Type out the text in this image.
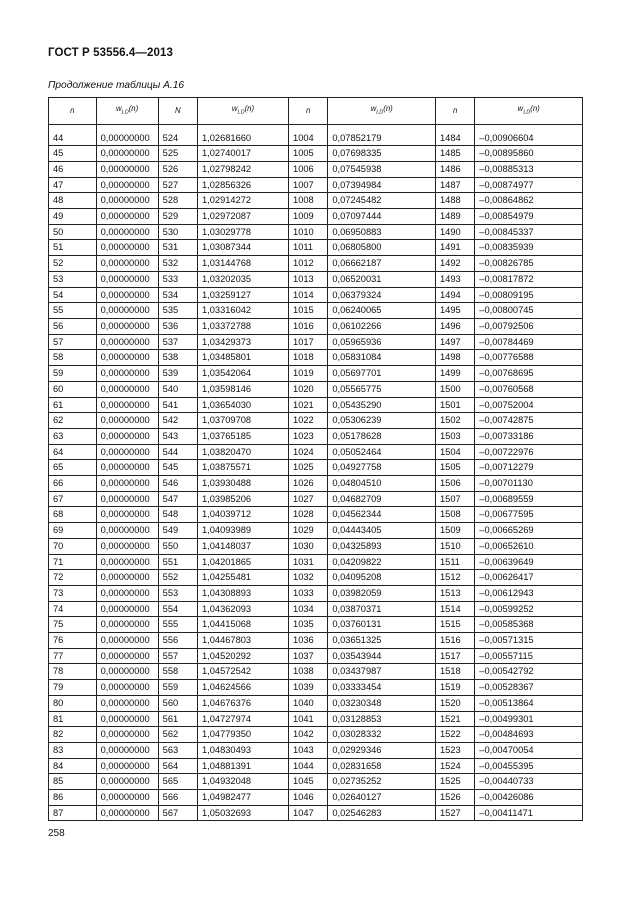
ГОСТ Р 53556.4—2013
Продолжение таблицы А.16
n	$w_{LD}(n)$	N	$w_{LD}(n)$	n	$w_{LD}(n)$	n	$w_{LD}(n)$

44	0,00000000	524	1,02681660	1004	0,07852179	1484	–0,00906604
45	0,00000000	525	1,02740017	1005	0,07698335	1485	–0,00895860
46	0,00000000	526	1,02798242	1006	0,07545938	1486	–0,00885313
47	0,00000000	527	1,02856326	1007	0,07394984	1487	–0,00874977
48	0,00000000	528	1,02914272	1008	0,07245482	1488	–0,00864862
49	0,00000000	529	1,02972087	1009	0,07097444	1489	–0,00854979
50	0,00000000	530	1,03029778	1010	0,06950883	1490	–0,00845337
51	0,00000000	531	1,03087344	1011	0,06805800	1491	–0,00835939
52	0,00000000	532	1,03144768	1012	0,06662187	1492	–0,00826785
53	0,00000000	533	1,03202035	1013	0,06520031	1493	–0,00817872
54	0,00000000	534	1,03259127	1014	0,06379324	1494	–0,00809195
55	0,00000000	535	1,03316042	1015	0,06240065	1495	–0,00800745
56	0,00000000	536	1,03372788	1016	0,06102266	1496	–0,00792506
57	0,00000000	537	1,03429373	1017	0,05965936	1497	–0,00784469
58	0,00000000	538	1,03485801	1018	0,05831084	1498	–0,00776588
59	0,00000000	539	1,03542064	1019	0,05697701	1499	–0,00768695
60	0,00000000	540	1,03598146	1020	0,05565775	1500	–0,00760568
61	0,00000000	541	1,03654030	1021	0,05435290	1501	–0,00752004
62	0,00000000	542	1,03709708	1022	0,05306239	1502	–0,00742875
63	0,00000000	543	1,03765185	1023	0,05178628	1503	–0,00733186
64	0,00000000	544	1,03820470	1024	0,05052464	1504	–0,00722976
65	0,00000000	545	1,03875571	1025	0,04927758	1505	–0,00712279
66	0,00000000	546	1,03930488	1026	0,04804510	1506	–0,00701130
67	0,00000000	547	1,03985206	1027	0,04682709	1507	–0,00689559
68	0,00000000	548	1,04039712	1028	0,04562344	1508	–0,00677595
69	0,00000000	549	1,04093989	1029	0,04443405	1509	–0,00665269
70	0,00000000	550	1,04148037	1030	0,04325893	1510	–0,00652610
71	0,00000000	551	1,04201865	1031	0,04209822	1511	–0,00639649
72	0,00000000	552	1,04255481	1032	0,04095208	1512	–0,00626417
73	0,00000000	553	1,04308893	1033	0,03982059	1513	–0,00612943
74	0,00000000	554	1,04362093	1034	0,03870371	1514	–0,00599252
75	0,00000000	555	1,04415068	1035	0,03760131	1515	–0,00585368
76	0,00000000	556	1,04467803	1036	0,03651325	1516	–0,00571315
77	0,00000000	557	1,04520292	1037	0,03543944	1517	–0,00557115
78	0,00000000	558	1,04572542	1038	0,03437987	1518	–0,00542792
79	0,00000000	559	1,04624566	1039	0,03333454	1519	–0,00528367
80	0,00000000	560	1,04676376	1040	0,03230348	1520	–0,00513864
81	0,00000000	561	1,04727974	1041	0,03128853	1521	–0,00499301
82	0,00000000	562	1,04779350	1042	0,03028332	1522	–0,00484693
83	0,00000000	563	1,04830493	1043	0,02929346	1523	–0,00470054
84	0,00000000	564	1,04881391	1044	0,02831658	1524	–0,00455395
85	0,00000000	565	1,04932048	1045	0,02735252	1525	–0,00440733
86	0,00000000	566	1,04982477	1046	0,02640127	1526	–0,00426086
87	0,00000000	567	1,05032693	1047	0,02546283	1527	–0,00411471
258
